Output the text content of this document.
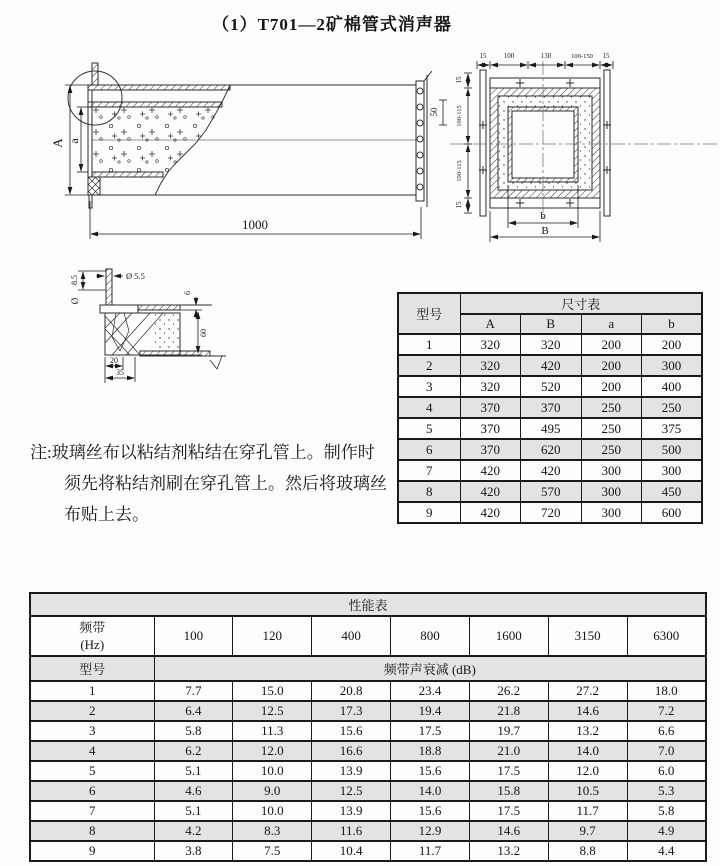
（1）T701—2矿棉管式消声器
A a
1000
50
15 100	130	100-150 15
15
100-115
100-115
15
b
B
8.5
Ø
Ø 5.5
6
60
20
35
型号	尺寸表			
	A	B	a	b
1	320	320	200	200
2	320	420	200	300
3	320	520	200	400
4	370	370	250	250
5	370	495	250	375
6	370	620	250	500
7	420	420	300	300
8	420	570	300	450
9	420	720	300	600
注:玻璃丝布以粘结剂粘结在穿孔管上。制作时
须先将粘结剂刷在穿孔管上。然后将玻璃丝
布贴上去。
性能表							

频带
(Hz)	100	120	400	800	1600	3150	6300
型号	频带声衰减 (dB)						
1	7.7	15.0	20.8	23.4	26.2	27.2	18.0
2	6.4	12.5	17.3	19.4	21.8	14.6	7.2
3	5.8	11.3	15.6	17.5	19.7	13.2	6.6
4	6.2	12.0	16.6	18.8	21.0	14.0	7.0
5	5.1	10.0	13.9	15.6	17.5	12.0	6.0
6	4.6	9.0	12.5	14.0	15.8	10.5	5.3
7	5.1	10.0	13.9	15.6	17.5	11.7	5.8
8	4.2	8.3	11.6	12.9	14.6	9.7	4.9
9	3.8	7.5	10.4	11.7	13.2	8.8	4.4
